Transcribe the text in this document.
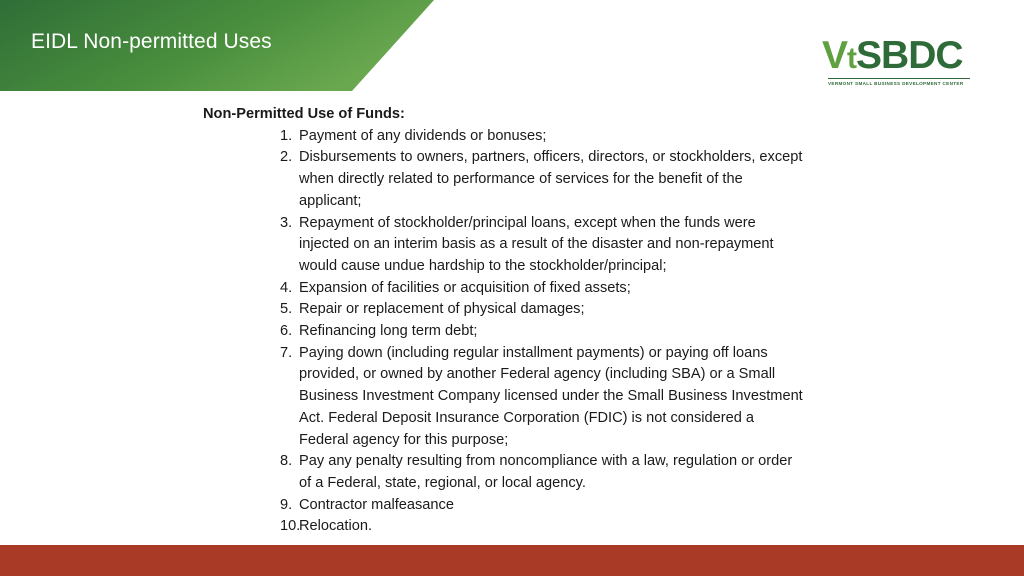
EIDL Non-permitted Uses	VtSBDC
VERMONT SMALL BUSINESS DEVELOPMENT CENTER
Non-Permitted Use of Funds:
1. Payment of any dividends or bonuses;
2. Disbursements to owners, partners, officers, directors, or stockholders, except when directly related to performance of services for the benefit of the applicant;
3. Repayment of stockholder/principal loans, except when the funds were injected on an interim basis as a result of the disaster and non-repayment would cause undue hardship to the stockholder/principal;
4. Expansion of facilities or acquisition of fixed assets;
5. Repair or replacement of physical damages;
6. Refinancing long term debt;
7. Paying down (including regular installment payments) or paying off loans provided, or owned by another Federal agency (including SBA) or a Small Business Investment Company licensed under the Small Business Investment Act. Federal Deposit Insurance Corporation (FDIC) is not considered a Federal agency for this purpose;
8. Pay any penalty resulting from noncompliance with a law, regulation or order of a Federal, state, regional, or local agency.
9. Contractor malfeasance
10.
Relocation.
